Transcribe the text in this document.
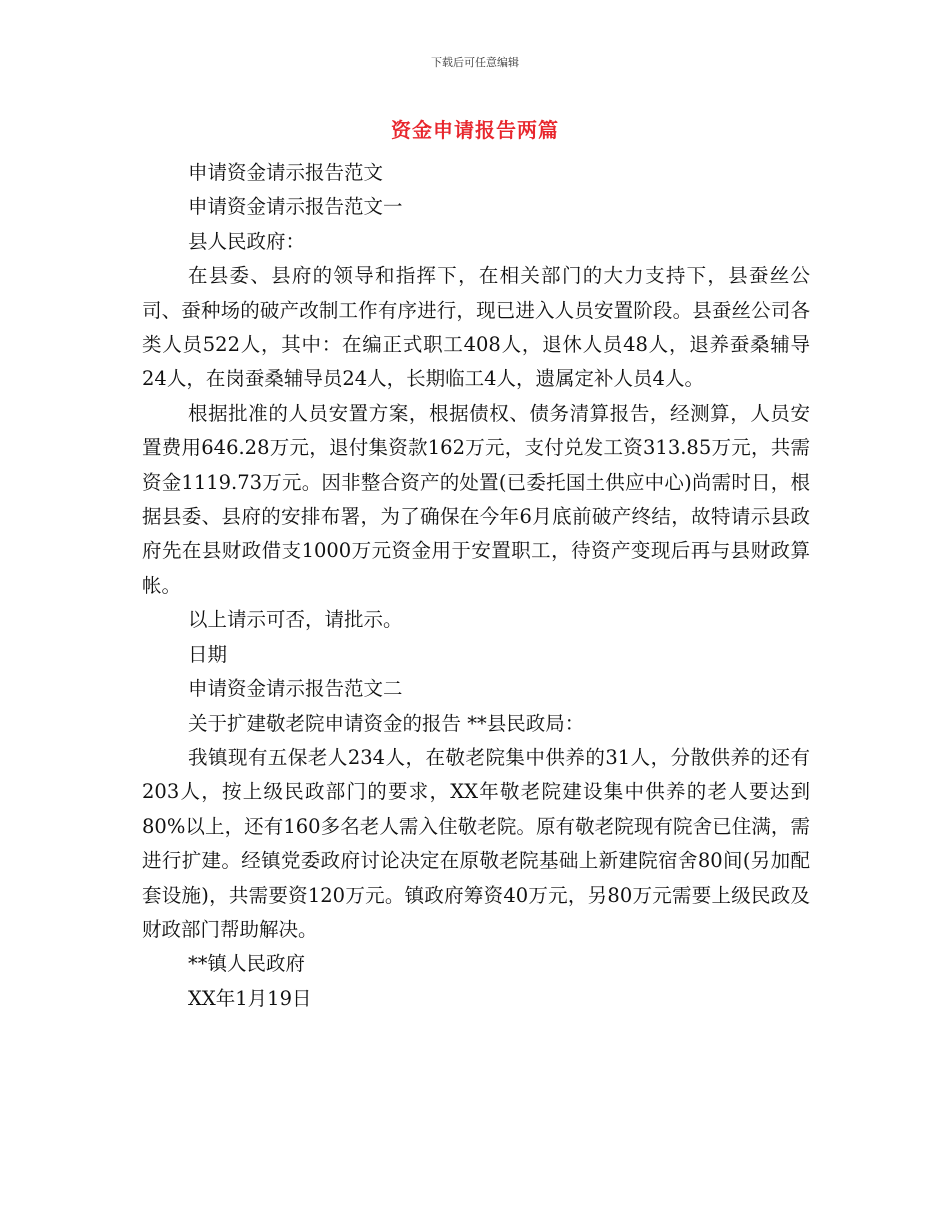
下载后可任意编辑
资金申请报告两篇

申请资金请示报告范文

申请资金请示报告范文一

县人民政府：

在县委、县府的领导和指挥下，在相关部门的大力支持下，县蚕丝公司、蚕种场的破产改制工作有序进行，现已进入人员安置阶段。县蚕丝公司各类人员522人，其中：在编正式职工408人，退休人员48人，退养蚕桑辅导24人，在岗蚕桑辅导员24人，长期临工4人，遗属定补人员4人。

根据批准的人员安置方案，根据债权、债务清算报告，经测算，人员安置费用646.28万元，退付集资款162万元，支付兑发工资313.85万元，共需资金1119.73万元。因非整合资产的处置(已委托国土供应中心)尚需时日，根据县委、县府的安排布署，为了确保在今年6月底前破产终结，故特请示县政府先在县财政借支1000万元资金用于安置职工，待资产变现后再与县财政算帐。

以上请示可否，请批示。

日期

申请资金请示报告范文二

关于扩建敬老院申请资金的报告 **县民政局：

我镇现有五保老人234人，在敬老院集中供养的31人，分散供养的还有203人，按上级民政部门的要求，XX年敬老院建设集中供养的老人要达到80%以上，还有160多名老人需入住敬老院。原有敬老院现有院舍已住满，需进行扩建。经镇党委政府讨论决定在原敬老院基础上新建院宿舍80间(另加配套设施)，共需要资120万元。镇政府筹资40万元，另80万元需要上级民政及财政部门帮助解决。

**镇人民政府

XX年1月19日
